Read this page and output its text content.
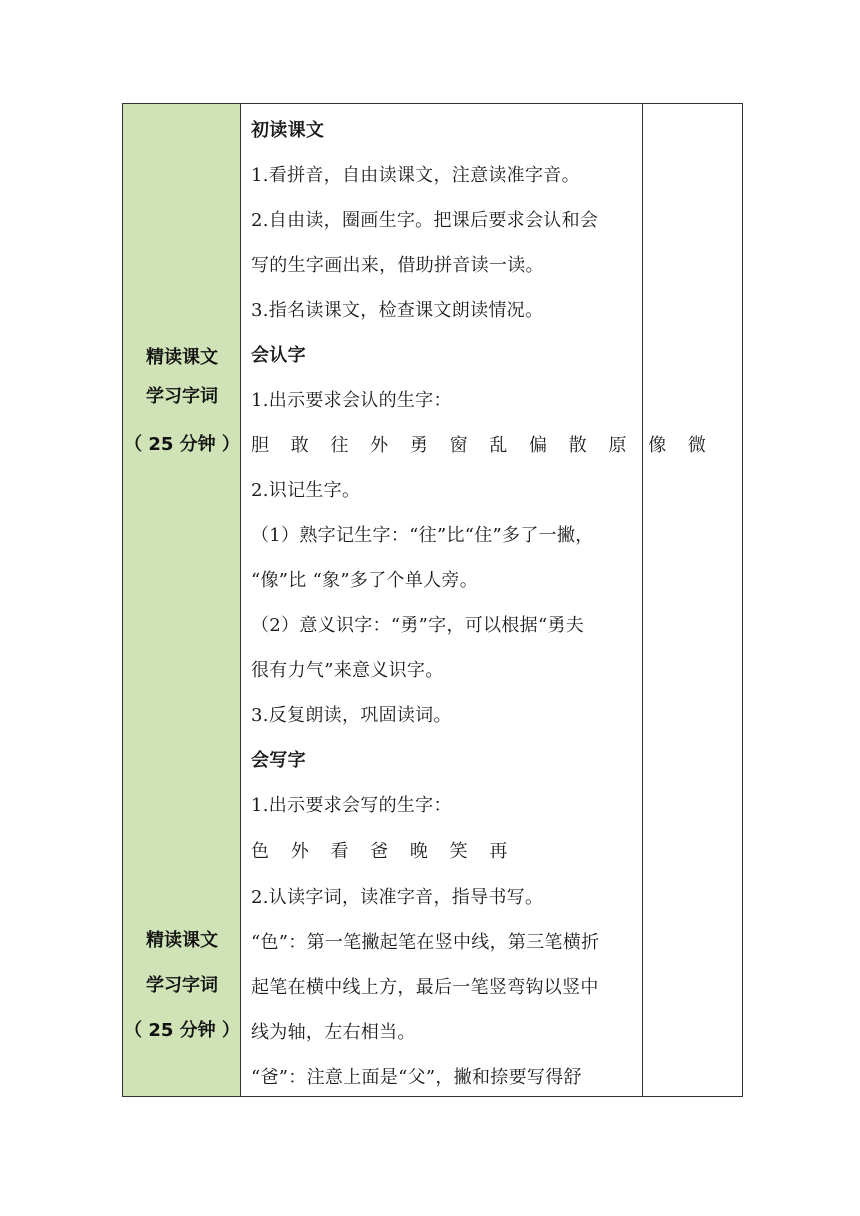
精读课文
学习字词
（ 25 分钟 ）
精读课文
学习字词
（ 25 分钟 ）
初读课文
1.看拼音，自由读课文，注意读准字音。
2.自由读，圈画生字。把课后要求会认和会
写的生字画出来，借助拼音读一读。
3.指名读课文，检查课文朗读情况。
会认字
1.出示要求会认的生字：
胆 敢 往 外 勇 窗 乱 偏 散 原 像 微
2.识记生字。
（1）熟字记生字：“往”比“住”多了一撇，
“像”比 “象”多了个单人旁。
（2）意义识字：“勇”字，可以根据“勇夫
很有力气”来意义识字。
3.反复朗读，巩固读词。
会写字
1.出示要求会写的生字：
色 外 看 爸 晚 笑 再
2.认读字词，读准字音，指导书写。
“色”：第一笔撇起笔在竖中线，第三笔横折
起笔在横中线上方，最后一笔竖弯钩以竖中
线为轴，左右相当。
“爸”：注意上面是“父”，撇和捺要写得舒
